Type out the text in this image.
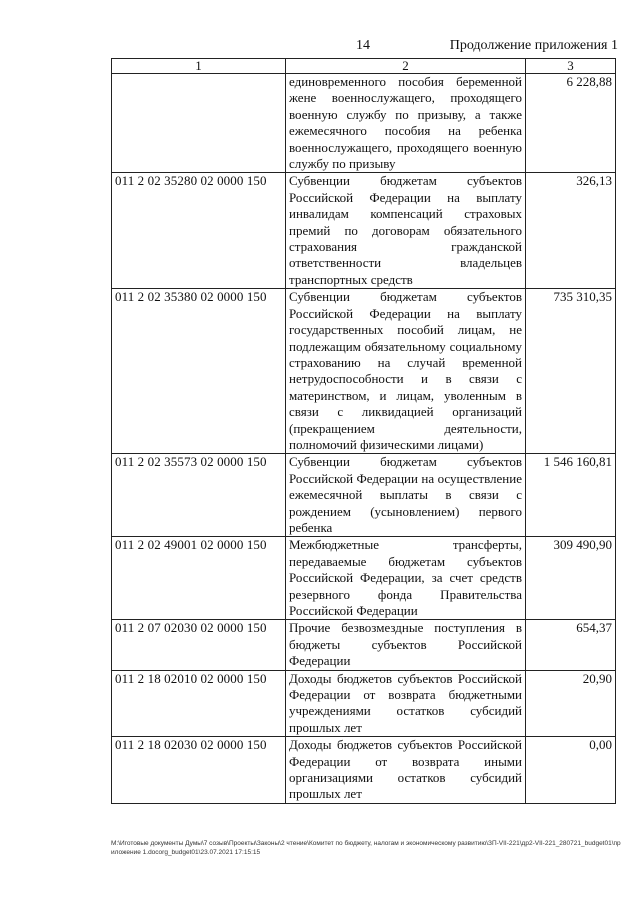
14	Продолжение приложения 1
1	2	3
	единовременного пособия беременной жене военнослужащего, проходящего военную службу по призыву, а также ежемесячного пособия на ребенка военнослужащего, проходящего военную службу по призыву	6 228,88
011 2 02 35280 02 0000 150	Субвенции бюджетам субъектов Российской Федерации на выплату инвалидам компенсаций страховых премий по договорам обязательного страхования гражданской ответственности владельцев транспортных средств	326,13
011 2 02 35380 02 0000 150	Субвенции бюджетам субъектов Российской Федерации на выплату государственных пособий лицам, не подлежащим обязательному социальному страхованию на случай временной нетрудоспособности и в связи с материнством, и лицам, уволенным в связи с ликвидацией организаций (прекращением деятельности, полномочий физическими лицами)	735 310,35
011 2 02 35573 02 0000 150	Субвенции бюджетам субъектов Российской Федерации на осуществление ежемесячной выплаты в связи с рождением (усыновлением) первого ребенка	1 546 160,81
011 2 02 49001 02 0000 150	Межбюджетные трансферты, передаваемые бюджетам субъектов Российской Федерации, за счет средств резервного фонда Правительства Российской Федерации	309 490,90
011 2 07 02030 02 0000 150	Прочие безвозмездные поступления в бюджеты субъектов Российской Федерации	654,37
011 2 18 02010 02 0000 150	Доходы бюджетов субъектов Российской Федерации от возврата бюджетными учреждениями остатков субсидий прошлых лет	20,90
011 2 18 02030 02 0000 150	Доходы бюджетов субъектов Российской Федерации от возврата иными организациями остатков субсидий прошлых лет	0,00
М:\Иготовые документы Думы\7 созыв\Проекты\Законы\2 чтение\Комитет по бюджету, налогам и экономическому развитию\ЗП-VII-221\др2-VII-221_280721_budget01\приложение 1.docorg_budget01\23.07.2021 17:15:15
